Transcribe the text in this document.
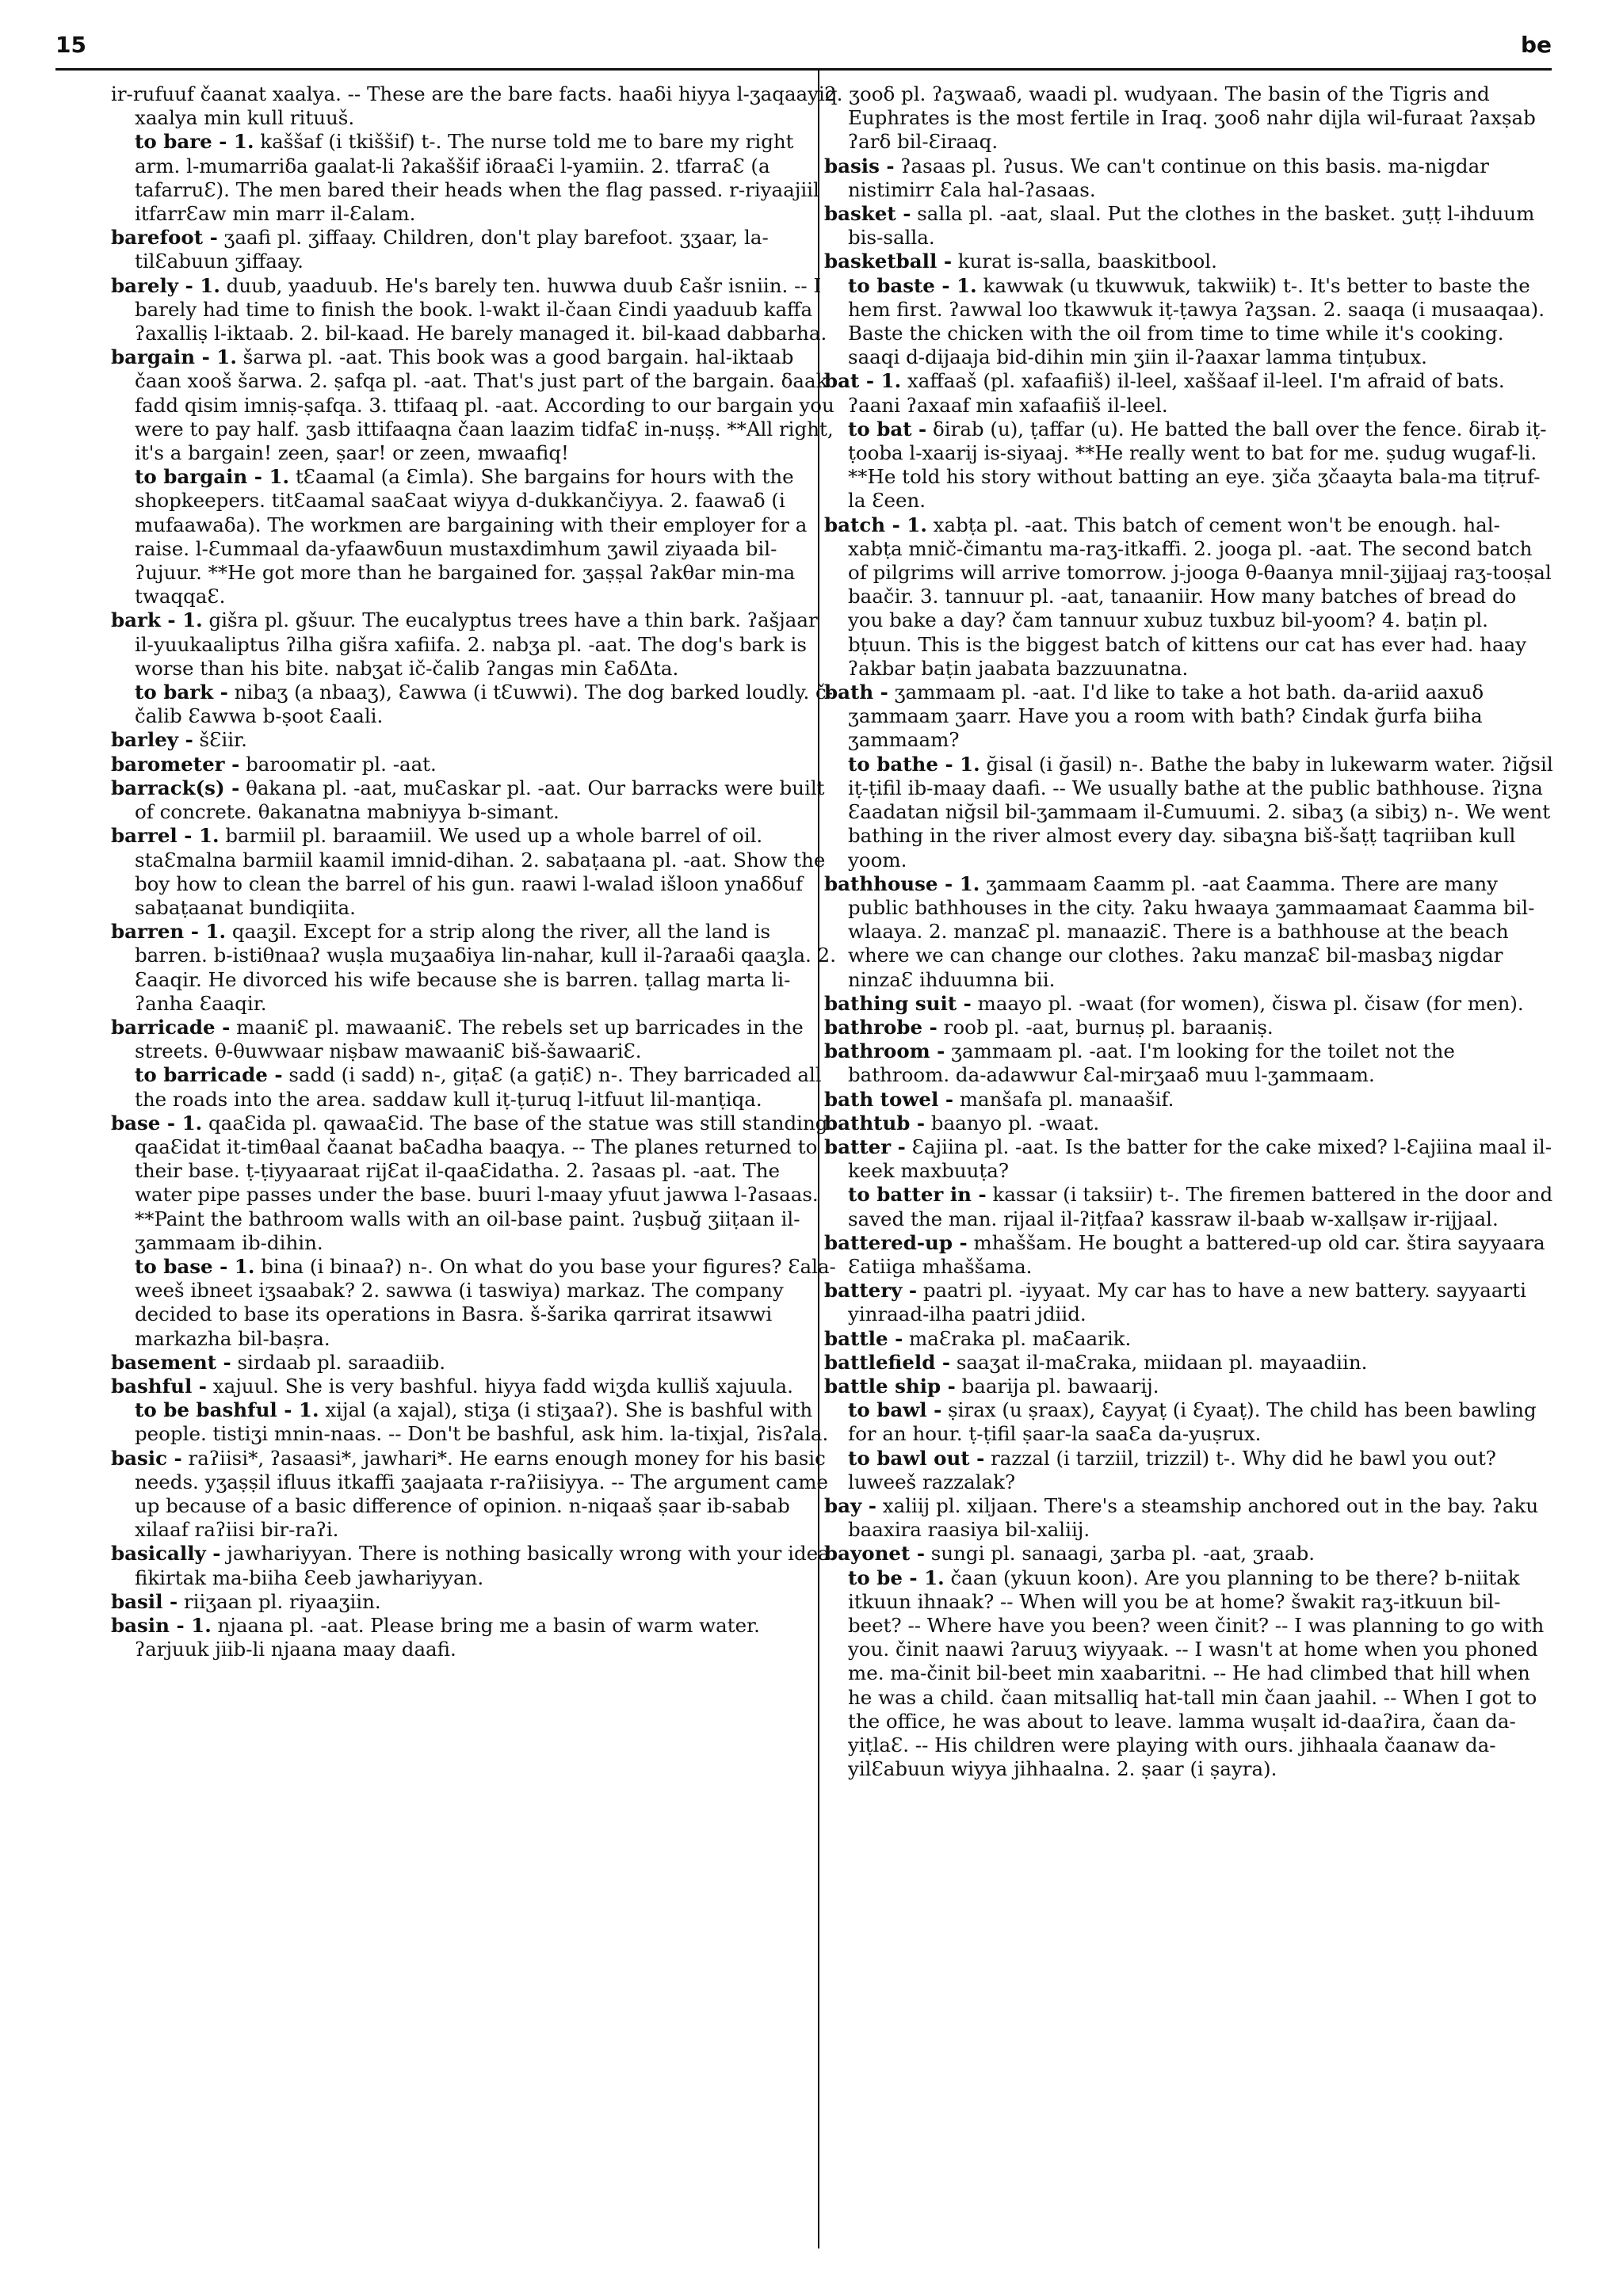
15	be

ir-rufuuf čaanat xaalya. -- These are the bare facts. haaδi hiyya l-ӡaqaayiq xaalya min kull rituuš.

to bare - 1. kaššaf (i tkiššif) t-. The nurse told me to bare my right arm. l-mumarriδa gaalat-li ʔakaššif iδraaƐi l-yamiin. 2. tfarraƐ (a tafarruƐ). The men bared their heads when the flag passed. r-riyaajiil itfarrƐaw min marr il-Ɛalam.

barefoot - ӡaafi pl. ӡiffaay. Children, don't play barefoot. ʒʒaar, la-tilƐabuun ӡiffaay.

barely - 1. duub, yaaduub. He's barely ten. huwwa duub Ɛašr isniin. -- I barely had time to finish the book. l-wakt il-čaan Ɛindi yaaduub kaffa ʔaxalliṣ l-iktaab. 2. bil-kaad. He barely managed it. bil-kaad dabbarha.

bargain - 1. šarwa pl. -aat. This book was a good bargain. hal-iktaab čaan xooš šarwa. 2. ṣafqa pl. -aat. That's just part of the bargain. δaak fadd qisim imniṣ-ṣafqa. 3. ttifaaq pl. -aat. According to our bargain you were to pay half. ӡasb ittifaaqna čaan laazim tidfaƐ in-nuṣṣ. **All right, it's a bargain! zeen, ṣaar! or zeen, mwaafiq!

to bargain - 1. tƐaamal (a Ɛimla). She bargains for hours with the shopkeepers. titƐaamal saaƐaat wiyya d-dukkančiyya. 2. faawaδ (i mufaawaδa). The workmen are bargaining with their employer for a raise. l-Ɛummaal da-yfaawδuun mustaxdimhum ӡawil ziyaada bil-ʔujuur. **He got more than he bargained for. ӡaṣṣal ʔakθar min-ma twaqqaƐ.

bark - 1. gišra pl. gšuur. The eucalyptus trees have a thin bark. ʔašjaar il-yuukaaliptus ʔilha gišra xafiifa. 2. nabӡa pl. -aat. The dog's bark is worse than his bite. nabӡat ič-čalib ʔangas min ƐaδΔta.

to bark - nibaӡ (a nbaaӡ), Ɛawwa (i tƐuwwi). The dog barked loudly. č-čalib Ɛawwa b-ṣoot Ɛaali.

barley - šƐiir.

barometer - baroomatir pl. -aat.

barrack(s) - θakana pl. -aat, muƐaskar pl. -aat. Our barracks were built of concrete. θakanatna mabniyya b-simant.

barrel - 1. barmiil pl. baraamiil. We used up a whole barrel of oil. staƐmalna barmiil kaamil imnid-dihan. 2. sabaṭaana pl. -aat. Show the boy how to clean the barrel of his gun. raawi l-walad išloon ynaδδuf sabaṭaanat bundiqiita.

barren - 1. qaaӡil. Except for a strip along the river, all the land is barren. b-istiθnaaʔ wuṣla muӡaaδiya lin-nahar, kull il-ʔaraaδi qaaӡla. 2. Ɛaaqir. He divorced his wife because she is barren. ṭallag marta li-ʔanha Ɛaaqir.

barricade - maaniƐ pl. mawaaniƐ. The rebels set up barricades in the streets. θ-θuwwaar niṣbaw mawaaniƐ biš-šawaariƐ.

to barricade - sadd (i sadd) n-, giṭaƐ (a gaṭiƐ) n-. They barricaded all the roads into the area. saddaw kull iṭ-ṭuruq l-itfuut lil-manṭiqa.

base - 1. qaaƐida pl. qawaaƐid. The base of the statue was still standing. qaaƐidat it-timθaal čaanat baƐadha baaqya. -- The planes returned to their base. ṭ-ṭiyyaaraat rijƐat il-qaaƐidatha. 2. ʔasaas pl. -aat. The water pipe passes under the base. buuri l-maay yfuut jawwa l-ʔasaas. **Paint the bathroom walls with an oil-base paint. ʔuṣbuğ ӡiiṭaan il-ӡammaam ib-dihin.

to base - 1. bina (i binaaʔ) n-. On what do you base your figures? Ɛala-weeš ibneet iӡsaabak? 2. sawwa (i taswiya) markaz. The company decided to base its operations in Basra. š-šarika qarrirat itsawwi markazha bil-baṣra.

basement - sirdaab pl. saraadiib.

bashful - xajuul. She is very bashful. hiyya fadd wiӡda kulliš xajuula.

to be bashful - 1. xijal (a xajal), stiӡa (i stiӡaaʔ). She is bashful with people. tistiӡi mnin-naas. -- Don't be bashful, ask him. la-tixjal, ʔisʔala.

basic - raʔiisi*, ʔasaasi*, jawhari*. He earns enough money for his basic needs. yӡaṣṣil ifluus itkaffi ӡaajaata r-raʔiisiyya. -- The argument came up because of a basic difference of opinion. n-niqaaš ṣaar ib-sabab xilaaf raʔiisi bir-raʔi.

basically - jawhariyyan. There is nothing basically wrong with your idea. fikirtak ma-biiha Ɛeeb jawhariyyan.

basil - riiӡaan pl. riyaaӡiin.

basin - 1. njaana pl. -aat. Please bring me a basin of warm water. ʔarjuuk jiib-li njaana maay daafi.

2. ӡooδ pl. ʔaӡwaaδ, waadi pl. wudyaan. The basin of the Tigris and Euphrates is the most fertile in Iraq. ӡooδ nahr dijla wil-furaat ʔaxṣab ʔarδ bil-Ɛiraaq.

basis - ʔasaas pl. ʔusus. We can't continue on this basis. ma-nigdar nistimirr Ɛala hal-ʔasaas.

basket - salla pl. -aat, slaal. Put the clothes in the basket. ӡuṭṭ l-ihduum bis-salla.

basketball - kurat is-salla, baaskitbool.

to baste - 1. kawwak (u tkuwwuk, takwiik) t-. It's better to baste the hem first. ʔawwal loo tkawwuk iṭ-ṭawya ʔaӡsan. 2. saaqa (i musaaqaa). Baste the chicken with the oil from time to time while it's cooking. saaqi d-dijaaja bid-dihin min ӡiin il-ʔaaxar lamma tinṭubux.

bat - 1. xaffaaš (pl. xafaafiiš) il-leel, xaššaaf il-leel. I'm afraid of bats. ʔaani ʔaxaaf min xafaafiiš il-leel.

to bat - δirab (u), ṭaffar (u). He batted the ball over the fence. δirab iṭ-ṭooba l-xaarij is-siyaaj. **He really went to bat for me. ṣudug wugaf-li. **He told his story without batting an eye. ӡiča ӡčaayta bala-ma tiṭruf-la Ɛeen.

batch - 1. xabṭa pl. -aat. This batch of cement won't be enough. hal-xabṭa mnič-čimantu ma-raӡ-itkaffi. 2. jooga pl. -aat. The second batch of pilgrims will arrive tomorrow. j-jooga θ-θaanya mnil-ӡijjaaj raӡ-tooṣal baačir. 3. tannuur pl. -aat, tanaaniir. How many batches of bread do you bake a day? čam tannuur xubuz tuxbuz bil-yoom? 4. baṭin pl. bṭuun. This is the biggest batch of kittens our cat has ever had. haay ʔakbar baṭin jaabata bazzuunatna.

bath - ӡammaam pl. -aat. I'd like to take a hot bath. da-ariid aaxuδ ӡammaam ӡaarr. Have you a room with bath? Ɛindak ğurfa biiha ӡammaam?

to bathe - 1. ğisal (i ğasil) n-. Bathe the baby in lukewarm water. ʔiğsil iṭ-ṭifil ib-maay daafi. -- We usually bathe at the public bathhouse. ʔiӡna Ɛaadatan niğsil bil-ӡammaam il-Ɛumuumi. 2. sibaӡ (a sibiӡ) n-. We went bathing in the river almost every day. sibaӡna biš-šaṭṭ taqriiban kull yoom.

bathhouse - 1. ӡammaam Ɛaamm pl. -aat Ɛaamma. There are many public bathhouses in the city. ʔaku hwaaya ӡammaamaat Ɛaamma bil-wlaaya. 2. manzaƐ pl. manaaziƐ. There is a bathhouse at the beach where we can change our clothes. ʔaku manzaƐ bil-masbaӡ nigdar ninzaƐ ihduumna bii.

bathing suit - maayo pl. -waat (for women), čiswa pl. čisaw (for men).

bathrobe - roob pl. -aat, burnuṣ pl. baraaniṣ.

bathroom - ӡammaam pl. -aat. I'm looking for the toilet not the bathroom. da-adawwur Ɛal-mirӡaaδ muu l-ӡammaam.

bath towel - manšafa pl. manaašif.

bathtub - baanyo pl. -waat.

batter - Ɛajiina pl. -aat. Is the batter for the cake mixed? l-Ɛajiina maal il-keek maxbuuṭa?

to batter in - kassar (i taksiir) t-. The firemen battered in the door and saved the man. rijaal il-ʔiṭfaaʔ kassraw il-baab w-xallṣaw ir-rijjaal.

battered-up - mhaššam. He bought a battered-up old car. štira sayyaara Ɛatiiga mhaššama.

battery - paatri pl. -iyyaat. My car has to have a new battery. sayyaarti yinraad-ilha paatri jdiid.

battle - maƐraka pl. maƐaarik.

battlefield - saaӡat il-maƐraka, miidaan pl. mayaadiin.

battle ship - baarija pl. bawaarij.

to bawl - ṣirax (u ṣraax), Ɛayyaṭ (i Ɛyaaṭ). The child has been bawling for an hour. ṭ-ṭifil ṣaar-la saaƐa da-yuṣrux.

to bawl out - razzal (i tarziil, trizzil) t-. Why did he bawl you out? luweeš razzalak?

bay - xaliij pl. xiljaan. There's a steamship anchored out in the bay. ʔaku baaxira raasiya bil-xaliij.

bayonet - sungi pl. sanaagi, ӡarba pl. -aat, ӡraab.

to be - 1. čaan (ykuun koon). Are you planning to be there? b-niitak itkuun ihnaak? -- When will you be at home? šwakit raӡ-itkuun bil-beet? -- Where have you been? ween činit? -- I was planning to go with you. činit naawi ʔaruuӡ wiyyaak. -- I wasn't at home when you phoned me. ma-činit bil-beet min xaabaritni. -- He had climbed that hill when he was a child. čaan mitsalliq hat-tall min čaan jaahil. -- When I got to the office, he was about to leave. lamma wuṣalt id-daaʔira, čaan da-yiṭlaƐ. -- His children were playing with ours. jihhaala čaanaw da-yilƐabuun wiyya jihhaalna. 2. ṣaar (i ṣayra).
